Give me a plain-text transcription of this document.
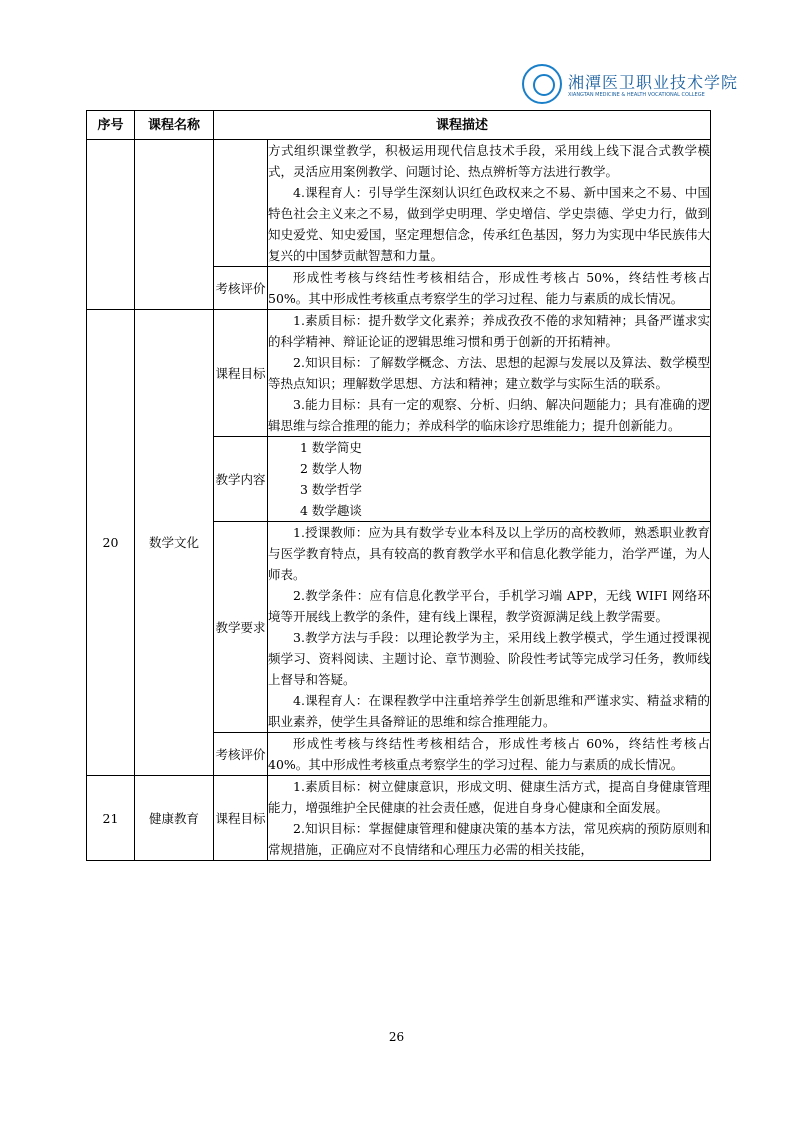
湘潭医卫职业技术学院
XIANGTAN MEDICINE & HEALTH VOCATIONAL COLLEGE
序号	课程名称	课程描述	

			方式组织课堂教学，积极运用现代信息技术手段，采用线上线下混合式教学模式，灵活应用案例教学、问题讨论、热点辨析等方法进行教学。

4.课程育人：引导学生深刻认识红色政权来之不易、新中国来之不易、中国特色社会主义来之不易，做到学史明理、学史增信、学史崇德、学史力行，做到知史爱党、知史爱国，坚定理想信念，传承红色基因，努力为实现中华民族伟大复兴的中国梦贡献智慧和力量。

		考核评价	形成性考核与终结性考核相结合，形成性考核占 50%，终结性考核占 50%。其中形成性考核重点考察学生的学习过程、能力与素质的成长情况。

20	数学文化	课程目标	1.素质目标：提升数学文化素养；养成孜孜不倦的求知精神；具备严谨求实的科学精神、辩证论证的逻辑思维习惯和勇于创新的开拓精神。

2.知识目标：了解数学概念、方法、思想的起源与发展以及算法、数学模型等热点知识；理解数学思想、方法和精神；建立数学与实际生活的联系。

3.能力目标：具有一定的观察、分析、归纳、解决问题能力；具有准确的逻辑思维与综合推理的能力；养成科学的临床诊疗思维能力；提升创新能力。

		教学内容	1 数学简史

2 数学人物

3 数学哲学

4 数学趣谈

		教学要求	1.授课教师：应为具有数学专业本科及以上学历的高校教师，熟悉职业教育与医学教育特点，具有较高的教育教学水平和信息化教学能力，治学严谨，为人师表。

2.教学条件：应有信息化教学平台，手机学习端 APP，无线 WIFI 网络环境等开展线上教学的条件，建有线上课程，教学资源满足线上教学需要。

3.教学方法与手段：以理论教学为主，采用线上教学模式，学生通过授课视频学习、资料阅读、主题讨论、章节测验、阶段性考试等完成学习任务，教师线上督导和答疑。

4.课程育人：在课程教学中注重培养学生创新思维和严谨求实、精益求精的职业素养，使学生具备辩证的思维和综合推理能力。

		考核评价	形成性考核与终结性考核相结合，形成性考核占 60%，终结性考核占 40%。其中形成性考核重点考察学生的学习过程、能力与素质的成长情况。

21	健康教育	课程目标	1.素质目标：树立健康意识，形成文明、健康生活方式，提高自身健康管理能力，增强维护全民健康的社会责任感，促进自身身心健康和全面发展。

2.知识目标：掌握健康管理和健康决策的基本方法，常见疾病的预防原则和常规措施，正确应对不良情绪和心理压力必需的相关技能，

26
